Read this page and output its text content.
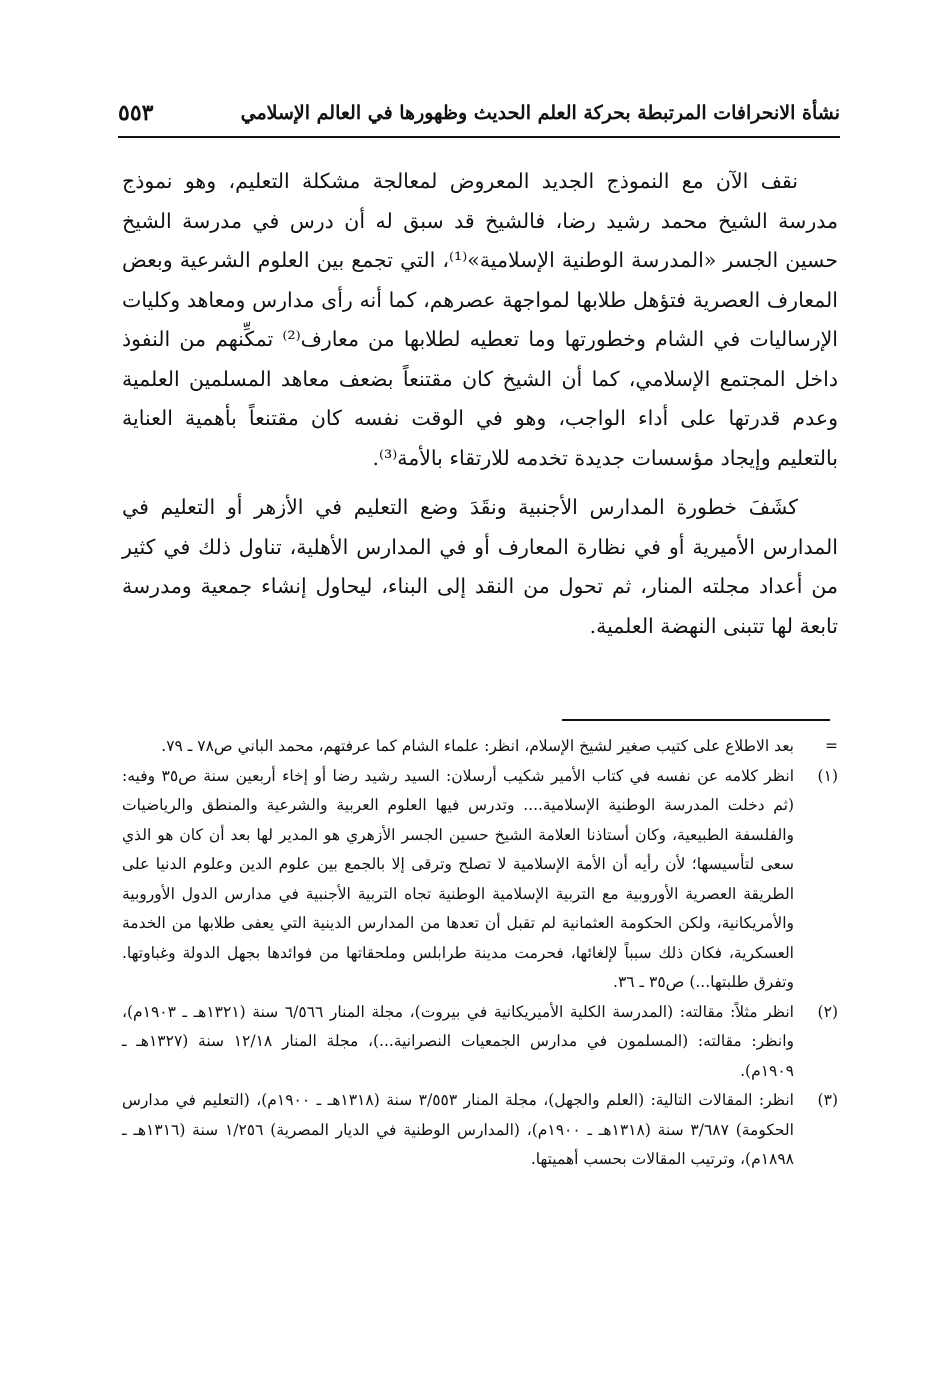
نشأة الانحرافات المرتبطة بحركة العلم الحديث وظهورها في العالم الإسلامي
٥٥٣

نقف الآن مع النموذج الجديد المعروض لمعالجة مشكلة التعليم، وهو نموذج مدرسة الشيخ محمد رشيد رضا، فالشيخ قد سبق له أن درس في مدرسة الشيخ حسين الجسر «المدرسة الوطنية الإسلامية»⁽¹⁾، التي تجمع بين العلوم الشرعية وبعض المعارف العصرية فتؤهل طلابها لمواجهة عصرهم، كما أنه رأى مدارس ومعاهد وكليات الإرساليات في الشام وخطورتها وما تعطيه لطلابها من معارف⁽²⁾ تمكِّنهم من النفوذ داخل المجتمع الإسلامي، كما أن الشيخ كان مقتنعاً بضعف معاهد المسلمين العلمية وعدم قدرتها على أداء الواجب، وهو في الوقت نفسه كان مقتنعاً بأهمية العناية بالتعليم وإيجاد مؤسسات جديدة تخدمه للارتقاء بالأمة⁽³⁾.

كشَفَ خطورة المدارس الأجنبية ونقَدَ وضع التعليم في الأزهر أو التعليم في المدارس الأميرية أو في نظارة المعارف أو في المدارس الأهلية، تناول ذلك في كثير من أعداد مجلته المنار، ثم تحول من النقد إلى البناء، ليحاول إنشاء جمعية ومدرسة تابعة لها تتبنى النهضة العلمية.

=
بعد الاطلاع على كتيب صغير لشيخ الإسلام، انظر: علماء الشام كما عرفتهم، محمد الباني ص٧٨ ـ ٧٩.
(١)
انظر كلامه عن نفسه في كتاب الأمير شكيب أرسلان: السيد رشيد رضا أو إخاء أربعين سنة ص٣٥ وفيه: (ثم دخلت المدرسة الوطنية الإسلامية.... وتدرس فيها العلوم العربية والشرعية والمنطق والرياضيات والفلسفة الطبيعية، وكان أستاذنا العلامة الشيخ حسين الجسر الأزهري هو المدير لها بعد أن كان هو الذي سعى لتأسيسها؛ لأن رأيه أن الأمة الإسلامية لا تصلح وترقى إلا بالجمع بين علوم الدين وعلوم الدنيا على الطريقة العصرية الأوروبية مع التربية الإسلامية الوطنية تجاه التربية الأجنبية في مدارس الدول الأوروبية والأمريكانية، ولكن الحكومة العثمانية لم تقبل أن تعدها من المدارس الدينية التي يعفى طلابها من الخدمة العسكرية، فكان ذلك سبباً لإلغائها، فحرمت مدينة طرابلس وملحقاتها من فوائدها بجهل الدولة وغباوتها. وتفرق طلبتها...) ص٣٥ ـ ٣٦.
(٢)
انظر مثلاً: مقالته: (المدرسة الكلية الأميريكانية في بيروت)، مجلة المنار ٦/٥٦٦ سنة (١٣٢١هـ ـ ١٩٠٣م)، وانظر: مقالته: (المسلمون في مدارس الجمعيات النصرانية...)، مجلة المنار ١٢/١٨ سنة (١٣٢٧هـ ـ ١٩٠٩م).
(٣)
انظر: المقالات التالية: (العلم والجهل)، مجلة المنار ٣/٥٥٣ سنة (١٣١٨هـ ـ ١٩٠٠م)، (التعليم في مدارس الحكومة) ٣/٦٨٧ سنة (١٣١٨هـ ـ ١٩٠٠م)، (المدارس الوطنية في الديار المصرية) ١/٢٥٦ سنة (١٣١٦هـ ـ ١٨٩٨م)، وترتيب المقالات بحسب أهميتها.
